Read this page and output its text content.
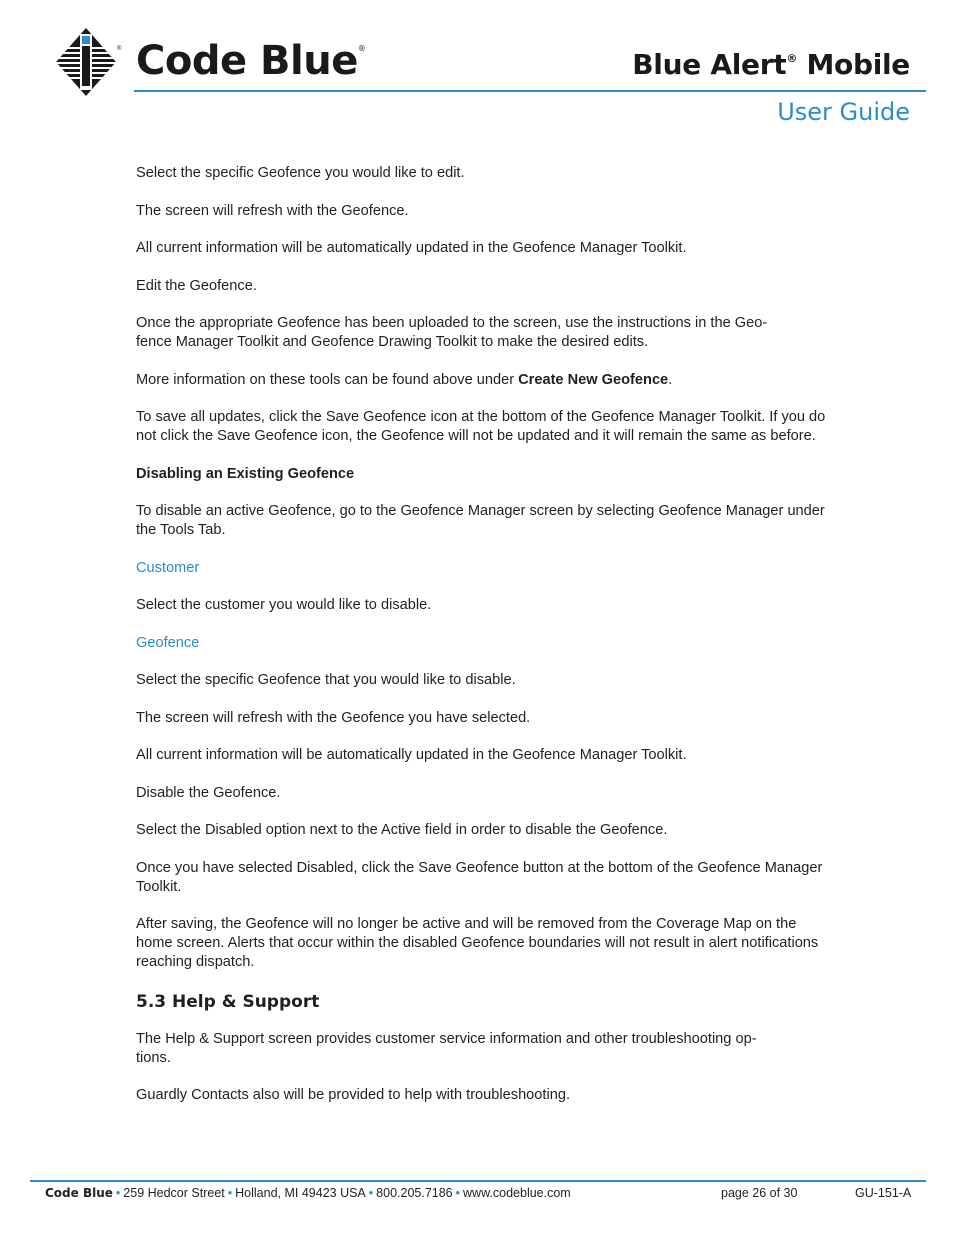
® Code Blue®	Blue Alert® Mobile
User Guide

Select the specific Geofence you would like to edit.

The screen will refresh with the Geofence.

All current information will be automatically updated in the Geofence Manager Toolkit.

Edit the Geofence.

Once the appropriate Geofence has been uploaded to the screen, use the instructions in the Geo-
fence Manager Toolkit and Geofence Drawing Toolkit to make the desired edits.

More information on these tools can be found above under Create New Geofence.

To save all updates, click the Save Geofence icon at the bottom of the Geofence Manager Toolkit. If you do not click the Save Geofence icon, the Geofence will not be updated and it will remain the same as before.

Disabling an Existing Geofence

To disable an active Geofence, go to the Geofence Manager screen by selecting Geofence Manager under the Tools Tab.

Customer

Select the customer you would like to disable.

Geofence

Select the specific Geofence that you would like to disable.

The screen will refresh with the Geofence you have selected.

All current information will be automatically updated in the Geofence Manager Toolkit.

Disable the Geofence.

Select the Disabled option next to the Active field in order to disable the Geofence.

Once you have selected Disabled, click the Save Geofence button at the bottom of the Geofence Manager Toolkit.

After saving, the Geofence will no longer be active and will be removed from the Coverage Map on the home screen. Alerts that occur within the disabled Geofence boundaries will not result in alert notifications reaching dispatch.

5.3 Help & Support

The Help & Support screen provides customer service information and other troubleshooting op-
tions.

Guardly Contacts also will be provided to help with troubleshooting.

Code Blue • 259 Hedcor Street • Holland, MI 49423 USA • 800.205.7186 • www.codeblue.com	page 26 of 30	GU-151-A
